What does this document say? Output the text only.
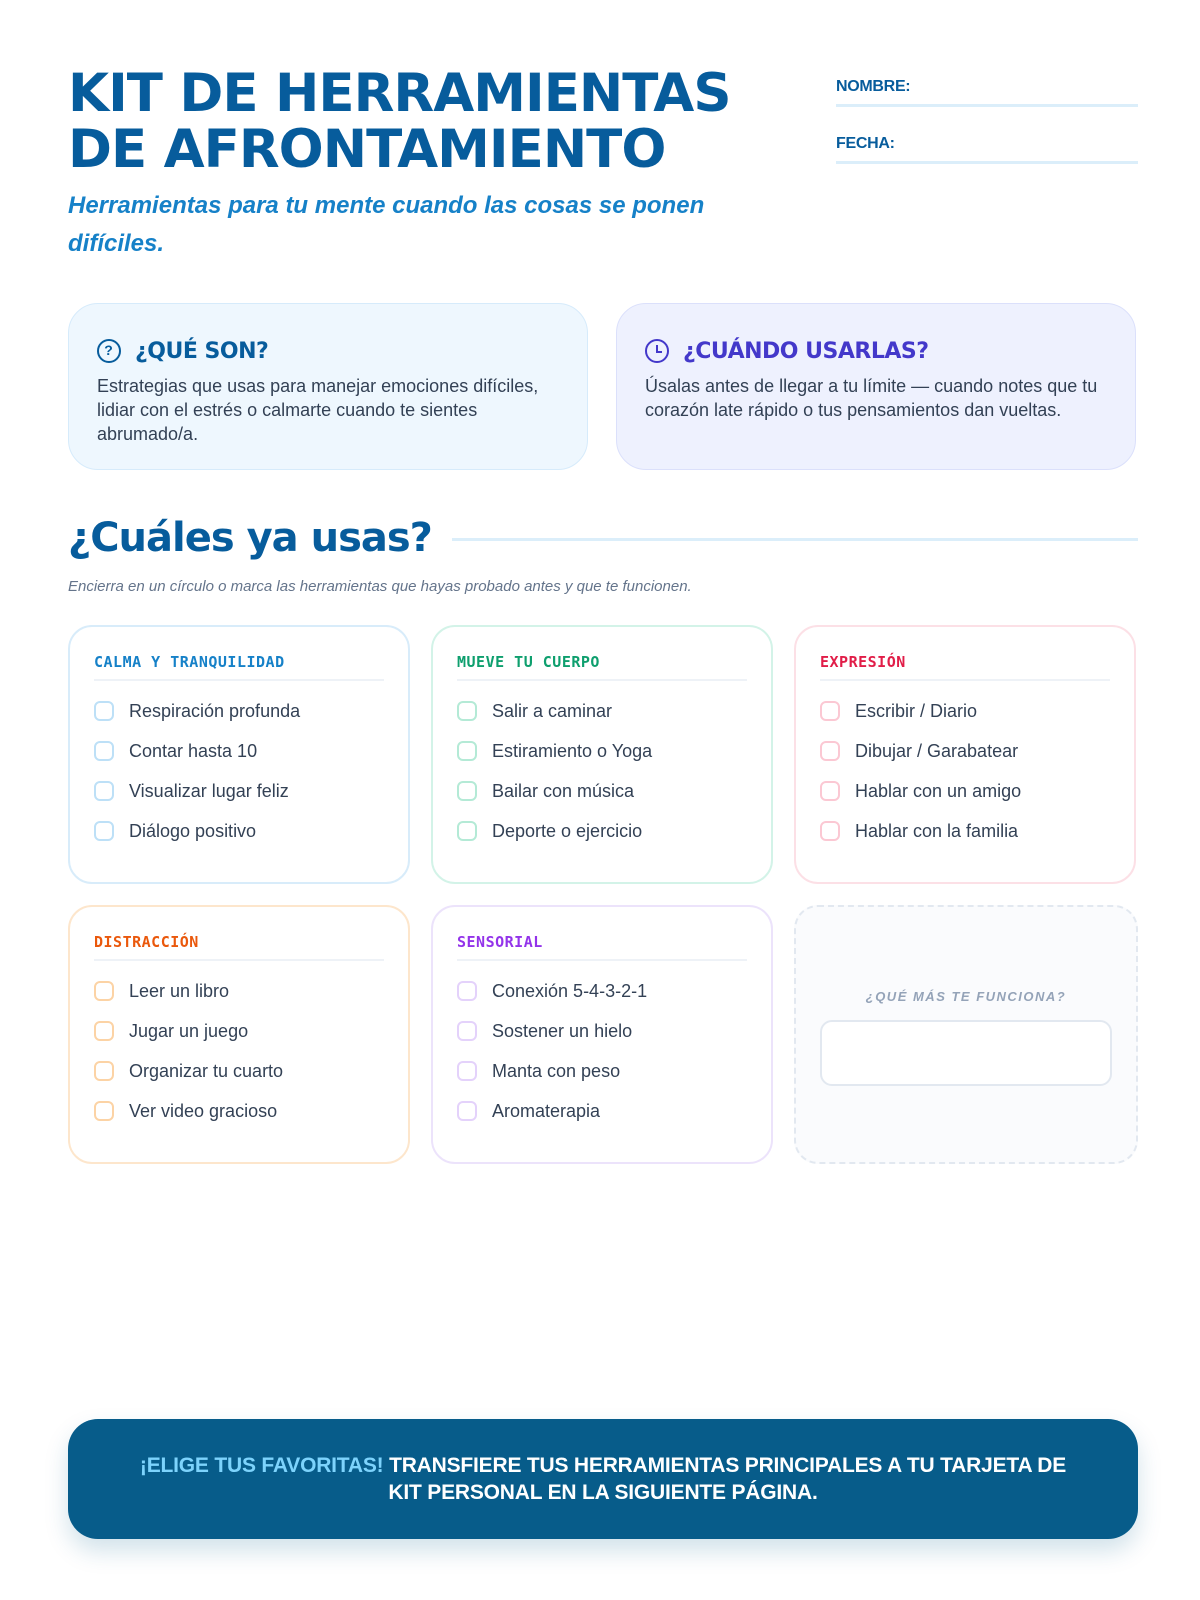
KIT DE HERRAMIENTAS
DE AFRONTAMIENTO
Herramientas para tu mente cuando las cosas se ponen difíciles.
NOMBRE:
FECHA:
? ¿QUÉ SON?

Estrategias que usas para manejar emociones difíciles, lidiar con el estrés o calmarte cuando te sientes abrumado/a.

¿CUÁNDO USARLAS?

Úsalas antes de llegar a tu límite — cuando notes que tu corazón late rápido o tus pensamientos dan vueltas.

¿Cuáles ya usas?
Encierra en un círculo o marca las herramientas que hayas probado antes y que te funcionen.
CALMA Y TRANQUILIDAD
Respiración profunda
Contar hasta 10
Visualizar lugar feliz
Diálogo positivo
MUEVE TU CUERPO
Salir a caminar
Estiramiento o Yoga
Bailar con música
Deporte o ejercicio
EXPRESIÓN
Escribir / Diario
Dibujar / Garabatear
Hablar con un amigo
Hablar con la familia
DISTRACCIÓN
Leer un libro
Jugar un juego
Organizar tu cuarto
Ver video gracioso
SENSORIAL
Conexión 5-4-3-2-1
Sostener un hielo
Manta con peso
Aromaterapia
¿QUÉ MÁS TE FUNCIONA?

¡ELIGE TUS FAVORITAS! TRANSFIERE TUS HERRAMIENTAS PRINCIPALES A TU TARJETA DE KIT PERSONAL EN LA SIGUIENTE PÁGINA.
